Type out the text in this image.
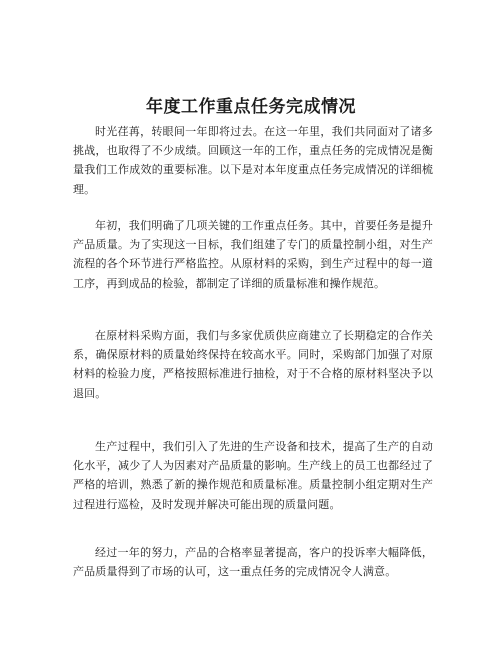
年度工作重点任务完成情况

时光荏苒，转眼间一年即将过去。在这一年里，我们共同面对了诸多挑战，也取得了不少成绩。回顾这一年的工作，重点任务的完成情况是衡量我们工作成效的重要标准。以下是对本年度重点任务完成情况的详细梳理。

年初，我们明确了几项关键的工作重点任务。其中，首要任务是提升产品质量。为了实现这一目标，我们组建了专门的质量控制小组，对生产流程的各个环节进行严格监控。从原材料的采购，到生产过程中的每一道工序，再到成品的检验，都制定了详细的质量标准和操作规范。

在原材料采购方面，我们与多家优质供应商建立了长期稳定的合作关系，确保原材料的质量始终保持在较高水平。同时，采购部门加强了对原材料的检验力度，严格按照标准进行抽检，对于不合格的原材料坚决予以退回。

生产过程中，我们引入了先进的生产设备和技术，提高了生产的自动化水平，减少了人为因素对产品质量的影响。生产线上的员工也都经过了严格的培训，熟悉了新的操作规范和质量标准。质量控制小组定期对生产过程进行巡检，及时发现并解决可能出现的质量问题。

经过一年的努力，产品的合格率显著提高，客户的投诉率大幅降低，产品质量得到了市场的认可，这一重点任务的完成情况令人满意。
